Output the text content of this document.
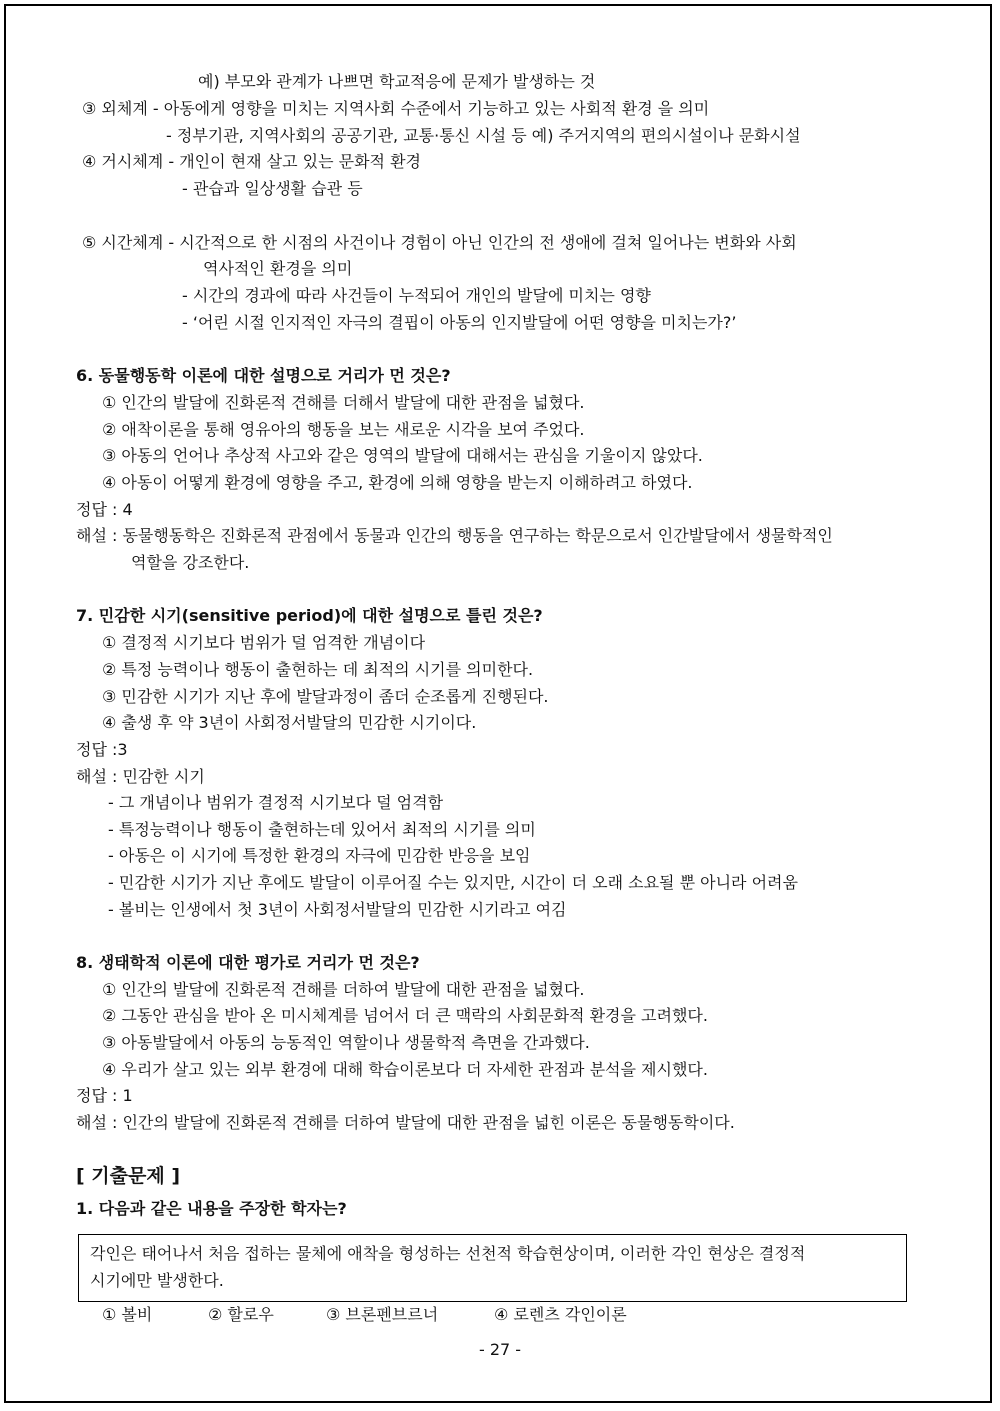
예) 부모와 관계가 나쁘면 학교적응에 문제가 발생하는 것
③ 외체계 - 아동에게 영향을 미치는 지역사회 수준에서 기능하고 있는 사회적 환경 을 의미
- 정부기관, 지역사회의 공공기관, 교통·통신 시설 등 예) 주거지역의 편의시설이나 문화시설
④ 거시체계 - 개인이 현재 살고 있는 문화적 환경
- 관습과 일상생활 습관 등
⑤ 시간체계 - 시간적으로 한 시점의 사건이나 경험이 아닌 인간의 전 생애에 걸쳐 일어나는 변화와 사회
역사적인 환경을 의미
- 시간의 경과에 따라 사건들이 누적되어 개인의 발달에 미치는 영향
- ‘어린 시절 인지적인 자극의 결핍이 아동의 인지발달에 어떤 영향을 미치는가?’
6. 동물행동학 이론에 대한 설명으로 거리가 먼 것은?
① 인간의 발달에 진화론적 견해를 더해서 발달에 대한 관점을 넓혔다.
② 애착이론을 통해 영유아의 행동을 보는 새로운 시각을 보여 주었다.
③ 아동의 언어나 추상적 사고와 같은 영역의 발달에 대해서는 관심을 기울이지 않았다.
④ 아동이 어떻게 환경에 영향을 주고, 환경에 의해 영향을 받는지 이해하려고 하였다.
정답 : 4
해설 : 동물행동학은 진화론적 관점에서 동물과 인간의 행동을 연구하는 학문으로서 인간발달에서 생물학적인
역할을 강조한다.
7. 민감한 시기(sensitive period)에 대한 설명으로 틀린 것은?
① 결정적 시기보다 범위가 덜 엄격한 개념이다
② 특정 능력이나 행동이 출현하는 데 최적의 시기를 의미한다.
③ 민감한 시기가 지난 후에 발달과정이 좀더 순조롭게 진행된다.
④ 출생 후 약 3년이 사회정서발달의 민감한 시기이다.
정답 :3
해설 : 민감한 시기
- 그 개념이나 범위가 결정적 시기보다 덜 엄격함
- 특정능력이나 행동이 출현하는데 있어서 최적의 시기를 의미
- 아동은 이 시기에 특정한 환경의 자극에 민감한 반응을 보임
- 민감한 시기가 지난 후에도 발달이 이루어질 수는 있지만, 시간이 더 오래 소요될 뿐 아니라 어려움
- 볼비는 인생에서 첫 3년이 사회정서발달의 민감한 시기라고 여김
8. 생태학적 이론에 대한 평가로 거리가 먼 것은?
① 인간의 발달에 진화론적 견해를 더하여 발달에 대한 관점을 넓혔다.
② 그동안 관심을 받아 온 미시체계를 넘어서 더 큰 맥락의 사회문화적 환경을 고려했다.
③ 아동발달에서 아동의 능동적인 역할이나 생물학적 측면을 간과했다.
④ 우리가 살고 있는 외부 환경에 대해 학습이론보다 더 자세한 관점과 분석을 제시했다.
정답 : 1
해설 : 인간의 발달에 진화론적 견해를 더하여 발달에 대한 관점을 넓힌 이론은 동물행동학이다.
[ 기출문제 ]
1. 다음과 같은 내용을 주장한 학자는?
각인은 태어나서 처음 접하는 물체에 애착을 형성하는 선천적 학습현상이며, 이러한 각인 현상은 결정적
시기에만 발생한다.
① 볼비	② 할로우	③ 브론펜브르너	④ 로렌츠 각인이론
- 27 -
